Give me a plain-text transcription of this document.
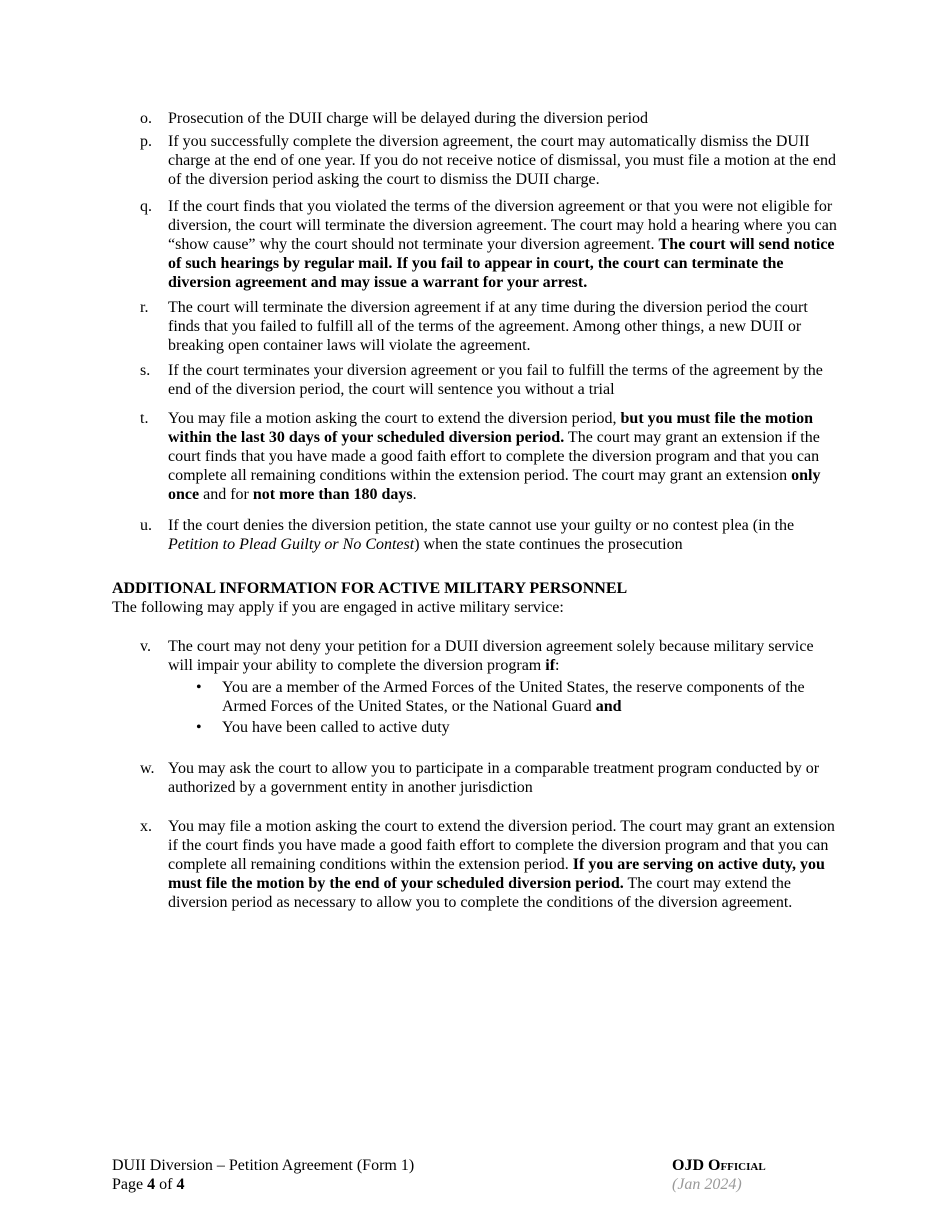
o.	Prosecution of the DUII charge will be delayed during the diversion period
p.	If you successfully complete the diversion agreement, the court may automatically dismiss the DUII charge at the end of one year. If you do not receive notice of dismissal, you must file a motion at the end of the diversion period asking the court to dismiss the DUII charge.
q.	If the court finds that you violated the terms of the diversion agreement or that you were not eligible for diversion, the court will terminate the diversion agreement. The court may hold a hearing where you can “show cause” why the court should not terminate your diversion agreement. The court will send notice of such hearings by regular mail. If you fail to appear in court, the court can terminate the diversion agreement and may issue a warrant for your arrest.
r.	The court will terminate the diversion agreement if at any time during the diversion period the court finds that you failed to fulfill all of the terms of the agreement. Among other things, a new DUII or breaking open container laws will violate the agreement.
s.	If the court terminates your diversion agreement or you fail to fulfill the terms of the agreement by the end of the diversion period, the court will sentence you without a trial
t.	You may file a motion asking the court to extend the diversion period, but you must file the motion within the last 30 days of your scheduled diversion period. The court may grant an extension if the court finds that you have made a good faith effort to complete the diversion program and that you can complete all remaining conditions within the extension period. The court may grant an extension only once and for not more than 180 days.
u.	If the court denies the diversion petition, the state cannot use your guilty or no contest plea (in the Petition to Plead Guilty or No Contest) when the state continues the prosecution
ADDITIONAL INFORMATION FOR ACTIVE MILITARY PERSONNEL
The following may apply if you are engaged in active military service:
v.	The court may not deny your petition for a DUII diversion agreement solely because military service will impair your ability to complete the diversion program if:
•	You are a member of the Armed Forces of the United States, the reserve components of the Armed Forces of the United States, or the National Guard and
•	You have been called to active duty
w. You may ask the court to allow you to participate in a comparable treatment program conducted by or authorized by a government entity in another jurisdiction
x.	You may file a motion asking the court to extend the diversion period. The court may grant an extension if the court finds you have made a good faith effort to complete the diversion program and that you can complete all remaining conditions within the extension period. If you are serving on active duty, you must file the motion by the end of your scheduled diversion period. The court may extend the diversion period as necessary to allow you to complete the conditions of the diversion agreement.
DUII Diversion – Petition Agreement (Form 1)
Page 4 of 4
OJD Official
(Jan 2024)
